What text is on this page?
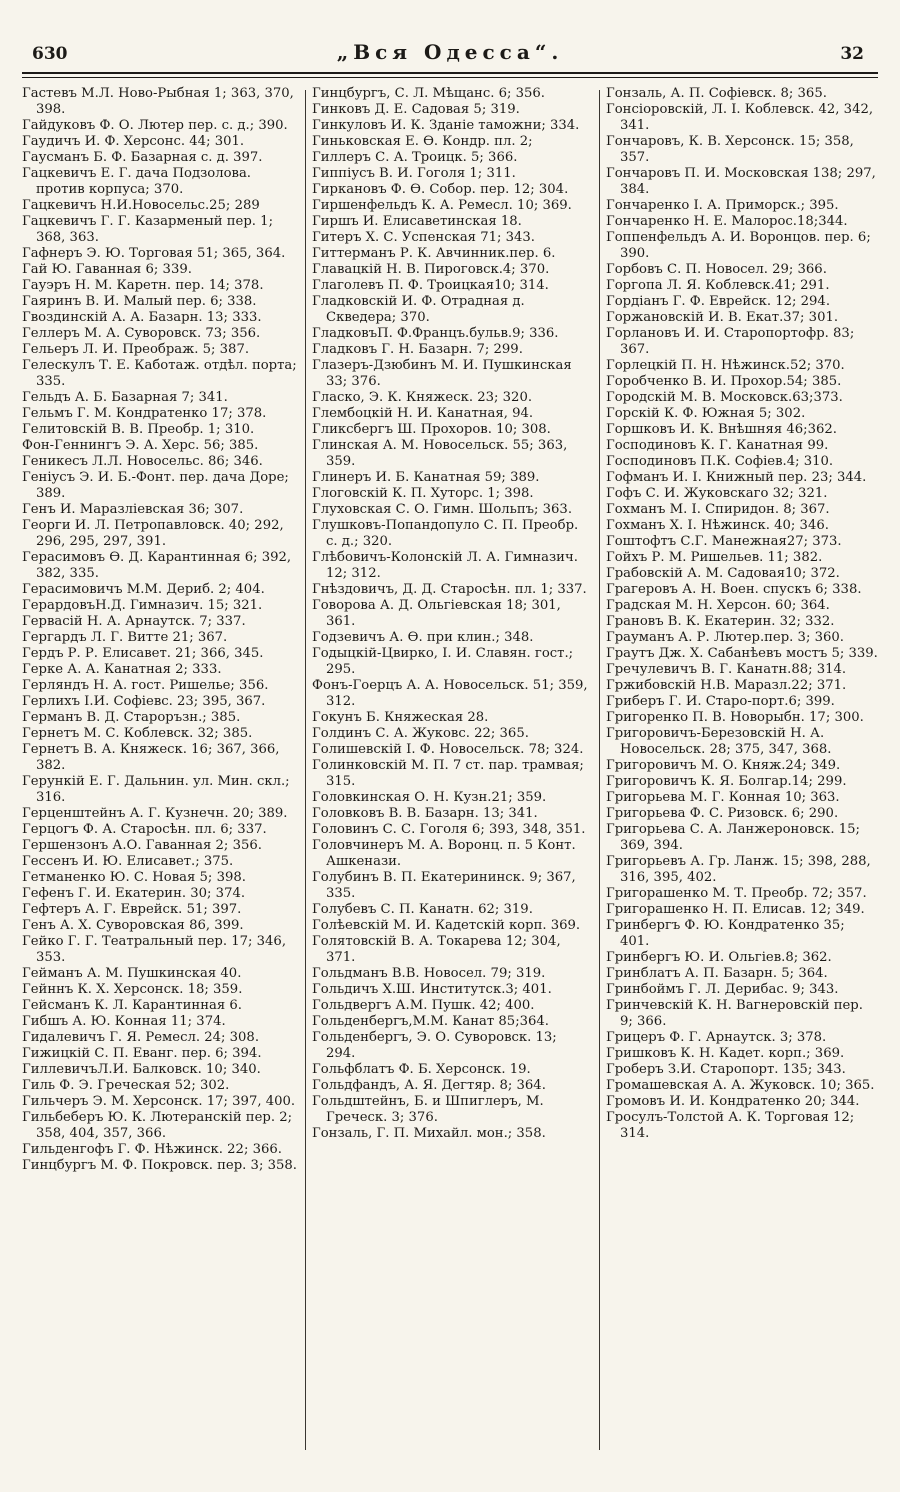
630	„Вся Одесса“.	32

Гастевъ М.Л. Ново-Рыбная 1; 363, 370, 398.

Гайдуковъ Ф. О. Лютер пер. с. д.; 390.

Гаудичъ И. Ф. Херсонс. 44; 301.

Гаусманъ Б. Ф. Базарная с. д. 397.

Гацкевичъ Е. Г. дача Подзолова. против корпуса; 370.

Гацкевичъ Н.И.Новосельс.25; 289

Гацкевичъ Г. Г. Казарменый пер. 1; 368, 363.

Гафнеръ Э. Ю. Торговая 51; 365, 364.

Гай Ю. Гаванная 6; 339.

Гауэръ Н. М. Каретн. пер. 14; 378.

Гаяринъ В. И. Малый пер. 6; 338.

Гвоздинскій А. А. Базарн. 13; 333.

Геллеръ М. А. Суворовск. 73; 356.

Гельеръ Л. И. Преображ. 5; 387.

Гелескулъ Т. Е. Каботаж. отдѣл. порта; 335.

Гельдъ А. Б. Базарная 7; 341.

Гельмъ Г. М. Кондратенко 17; 378.

Гелитовскій В. В. Преобр. 1; 310.

Фон-Геннингъ Э. А. Херс. 56; 385.

Геникесъ Л.Л. Новосельс. 86; 346.

Геніусъ Э. И. Б.-Фонт. пер. дача Доре; 389.

Генъ И. Маразліевская 36; 307.

Георги И. Л. Петропавловск. 40; 292, 296, 295, 297, 391.

Герасимовъ Ѳ. Д. Карантинная 6; 392, 382, 335.

Герасимовичъ М.М. Дериб. 2; 404.

ГерардовъН.Д. Гимназич. 15; 321.

Гервасій Н. А. Арнаутск. 7; 337.

Гергардъ Л. Г. Витте 21; 367.

Гердъ Р. Р. Елисавет. 21; 366, 345.

Герке А. А. Канатная 2; 333.

Герляндъ Н. А. гост. Ришелье; 356.

Герлихъ І.И. Софіевс. 23; 395, 367.

Германъ В. Д. Староръзн.; 385.

Гернетъ М. С. Коблевск. 32; 385.

Гернетъ В. А. Княжеск. 16; 367, 366, 382.

Герункій Е. Г. Дальнин. ул. Мин. скл.; 316.

Герценштейнъ А. Г. Кузнечн. 20; 389.

Герцогъ Ф. А. Старосѣн. пл. 6; 337.

Гершензонъ А.О. Гаванная 2; 356.

Гессенъ И. Ю. Елисавет.; 375.

Гетманенко Ю. С. Новая 5; 398.

Гефенъ Г. И. Екатерин. 30; 374.

Гефтеръ А. Г. Еврейск. 51; 397.

Генъ А. Х. Суворовская 86, 399.

Гейко Г. Г. Театральный пер. 17; 346, 353.

Гейманъ А. М. Пушкинская 40.

Гейннъ К. Х. Херсонск. 18; 359.

Гейсманъ К. Л. Карантинная 6.

Гибшъ А. Ю. Конная 11; 374.

Гидалевичъ Г. Я. Ремесл. 24; 308.

Гижицкій С. П. Еванг. пер. 6; 394.

ГиллевичъЛ.И. Балковск. 10; 340.

Гиль Ф. Э. Греческая 52; 302.

Гильчеръ Э. М. Херсонск. 17; 397, 400.

Гильбеберъ Ю. К. Лютеранскій пер. 2; 358, 404, 357, 366.

Гильденгофъ Г. Ф. Нѣжинск. 22; 366.

Гинцбургъ М. Ф. Покровск. пер. 3; 358.

Гинцбургъ, С. Л. Мѣщанс. 6; 356.

Гинковъ Д. Е. Садовая 5; 319.

Гинкуловъ И. К. Зданіе таможни; 334.

Гиньковская Е. Ѳ. Кондр. пл. 2;

Гиллеръ С. А. Троицк. 5; 366.

Гиппіусъ В. И. Гоголя 1; 311.

Гиркановъ Ф. Ѳ. Собор. пер. 12; 304.

Гиршенфельдъ К. А. Ремесл. 10; 369.

Гиршъ И. Елисаветинская 18.

Гитеръ Х. С. Успенская 71; 343.

Гиттерманъ Р. К. Авчинник.пер. 6.

Главацкій Н. В. Пироговск.4; 370.

Глаголевъ П. Ф. Троицкая10; 314.

Гладковскій И. Ф. Отрадная д. Скведера; 370.

ГладковъП. Ф.Францъ.бульв.9; 336.

Гладковъ Г. Н. Базарн. 7; 299.

Глазеръ-Дзюбинъ М. И. Пушкинская 33; 376.

Гласко, Э. К. Княжеск. 23; 320.

Глембоцкій Н. И. Канатная, 94.

Гликсбергъ Ш. Прохоров. 10; 308.

Глинская А. М. Новосельск. 55; 363, 359.

Глинеръ И. Б. Канатная 59; 389.

Глоговскій К. П. Хуторс. 1; 398.

Глуховская С. О. Гимн. Шольпъ; 363.

Глушковъ-Попандопуло С. П. Преобр. с. д.; 320.

Глѣбовичъ-Колонскій Л. А. Гимназич. 12; 312.

Гнѣздовичъ, Д. Д. Старосѣн. пл. 1; 337.

Говорова А. Д. Ольгіевская 18; 301, 361.

Годзевичъ А. Ѳ. при клин.; 348.

Годыцкій-Цвирко, І. И. Славян. гост.; 295.

Фонъ-Гоерцъ А. А. Новосельск. 51; 359, 312.

Гокунъ Б. Княжеская 28.

Голдинъ С. А. Жуковс. 22; 365.

Голишевскій І. Ф. Новосельск. 78; 324.

Голинковскій М. П. 7 ст. пар. трамвая; 315.

Головкинская О. Н. Кузн.21; 359.

Головковъ В. В. Базарн. 13; 341.

Головинъ С. С. Гоголя 6; 393, 348, 351.

Головчинеръ М. А. Воронц. п. 5 Конт. Ашкенази.

Голубинъ В. П. Екатерининск. 9; 367, 335.

Голубевъ С. П. Канатн. 62; 319.

Голѣевскій М. И. Кадетскій корп. 369.

Голятовскій В. А. Токарева 12; 304, 371.

Гольдманъ В.В. Новосел. 79; 319.

Гольдичъ Х.Ш. Институтск.3; 401.

Гольдвергъ А.М. Пушк. 42; 400.

Гольденбергъ,М.М. Канат 85;364.

Гольденбергъ, Э. О. Суворовск. 13; 294.

Гольфблатъ Ф. Б. Херсонск. 19.

Гольдфандъ, А. Я. Дегтяр. 8; 364.

Гольдштейнъ, Б. и Шпиглеръ, М. Греческ. 3; 376.

Гонзаль, Г. П. Михайл. мон.; 358.

Гонзаль, А. П. Софіевск. 8; 365.

Гонсіоровскій, Л. І. Коблевск. 42, 342, 341.

Гончаровъ, К. В. Херсонск. 15; 358, 357.

Гончаровъ П. И. Московская 138; 297, 384.

Гончаренко І. А. Приморск.; 395.

Гончаренко Н. Е. Малорос.18;344.

Гоппенфельдъ А. И. Воронцов. пер. 6; 390.

Горбовъ С. П. Новосел. 29; 366.

Горгопа Л. Я. Коблевск.41; 291.

Гордіанъ Г. Ф. Еврейск. 12; 294.

Горжановскій И. В. Екат.37; 301.

Горлановъ И. И. Старопортофр. 83; 367.

Горлецкій П. Н. Нѣжинск.52; 370.

Горобченко В. И. Прохор.54; 385.

Городскій М. В. Московск.63;373.

Горскій К. Ф. Южная 5; 302.

Горшковъ И. К. Внѣшняя 46;362.

Господиновъ К. Г. Канатная 99.

Господиновъ П.К. Софіев.4; 310.

Гофманъ И. І. Книжный пер. 23; 344.

Гофъ С. И. Жуковскаго 32; 321.

Гохманъ М. І. Спиридон. 8; 367.

Гохманъ Х. І. Нѣжинск. 40; 346.

Гоштофтъ С.Г. Манежная27; 373.

Гойхъ Р. М. Ришельев. 11; 382.

Грабовскій А. М. Садовая10; 372.

Грагеровъ А. Н. Воен. спускъ 6; 338.

Градская М. Н. Херсон. 60; 364.

Грановъ В. К. Екатерин. 32; 332.

Грауманъ А. Р. Лютер.пер. 3; 360.

Граутъ Дж. Х. Сабанѣевъ мостъ 5; 339.

Гречулевичъ В. Г. Канатн.88; 314.

Гржибовскій Н.В. Маразл.22; 371.

Гриберъ Г. И. Старо-порт.6; 399.

Григоренко П. В. Новорыбн. 17; 300.

Григоровичъ-Березовскій Н. А. Новосельск. 28; 375, 347, 368.

Григоровичъ М. О. Княж.24; 349.

Григоровичъ К. Я. Болгар.14; 299.

Григорьева М. Г. Конная 10; 363.

Григорьева Ф. С. Ризовск. 6; 290.

Григорьева С. А. Ланжероновск. 15; 369, 394.

Григорьевъ А. Гр. Ланж. 15; 398, 288, 316, 395, 402.

Григорашенко М. Т. Преобр. 72; 357.

Григорашенко Н. П. Елисав. 12; 349.

Гринбергъ Ф. Ю. Кондратенко 35; 401.

Гринбергъ Ю. И. Ольгіев.8; 362.

Гринблатъ А. П. Базарн. 5; 364.

Гринбоймъ Г. Л. Дерибас. 9; 343.

Гринчевскій К. Н. Вагнеровскій пер. 9; 366.

Грицеръ Ф. Г. Арнаутск. 3; 378.

Гришковъ К. Н. Кадет. корп.; 369.

Гроберъ З.И. Старопорт. 135; 343.

Громашевская А. А. Жуковск. 10; 365.

Громовъ И. И. Кондратенко 20; 344.

Гросулъ-Толстой А. К. Торговая 12; 314.
